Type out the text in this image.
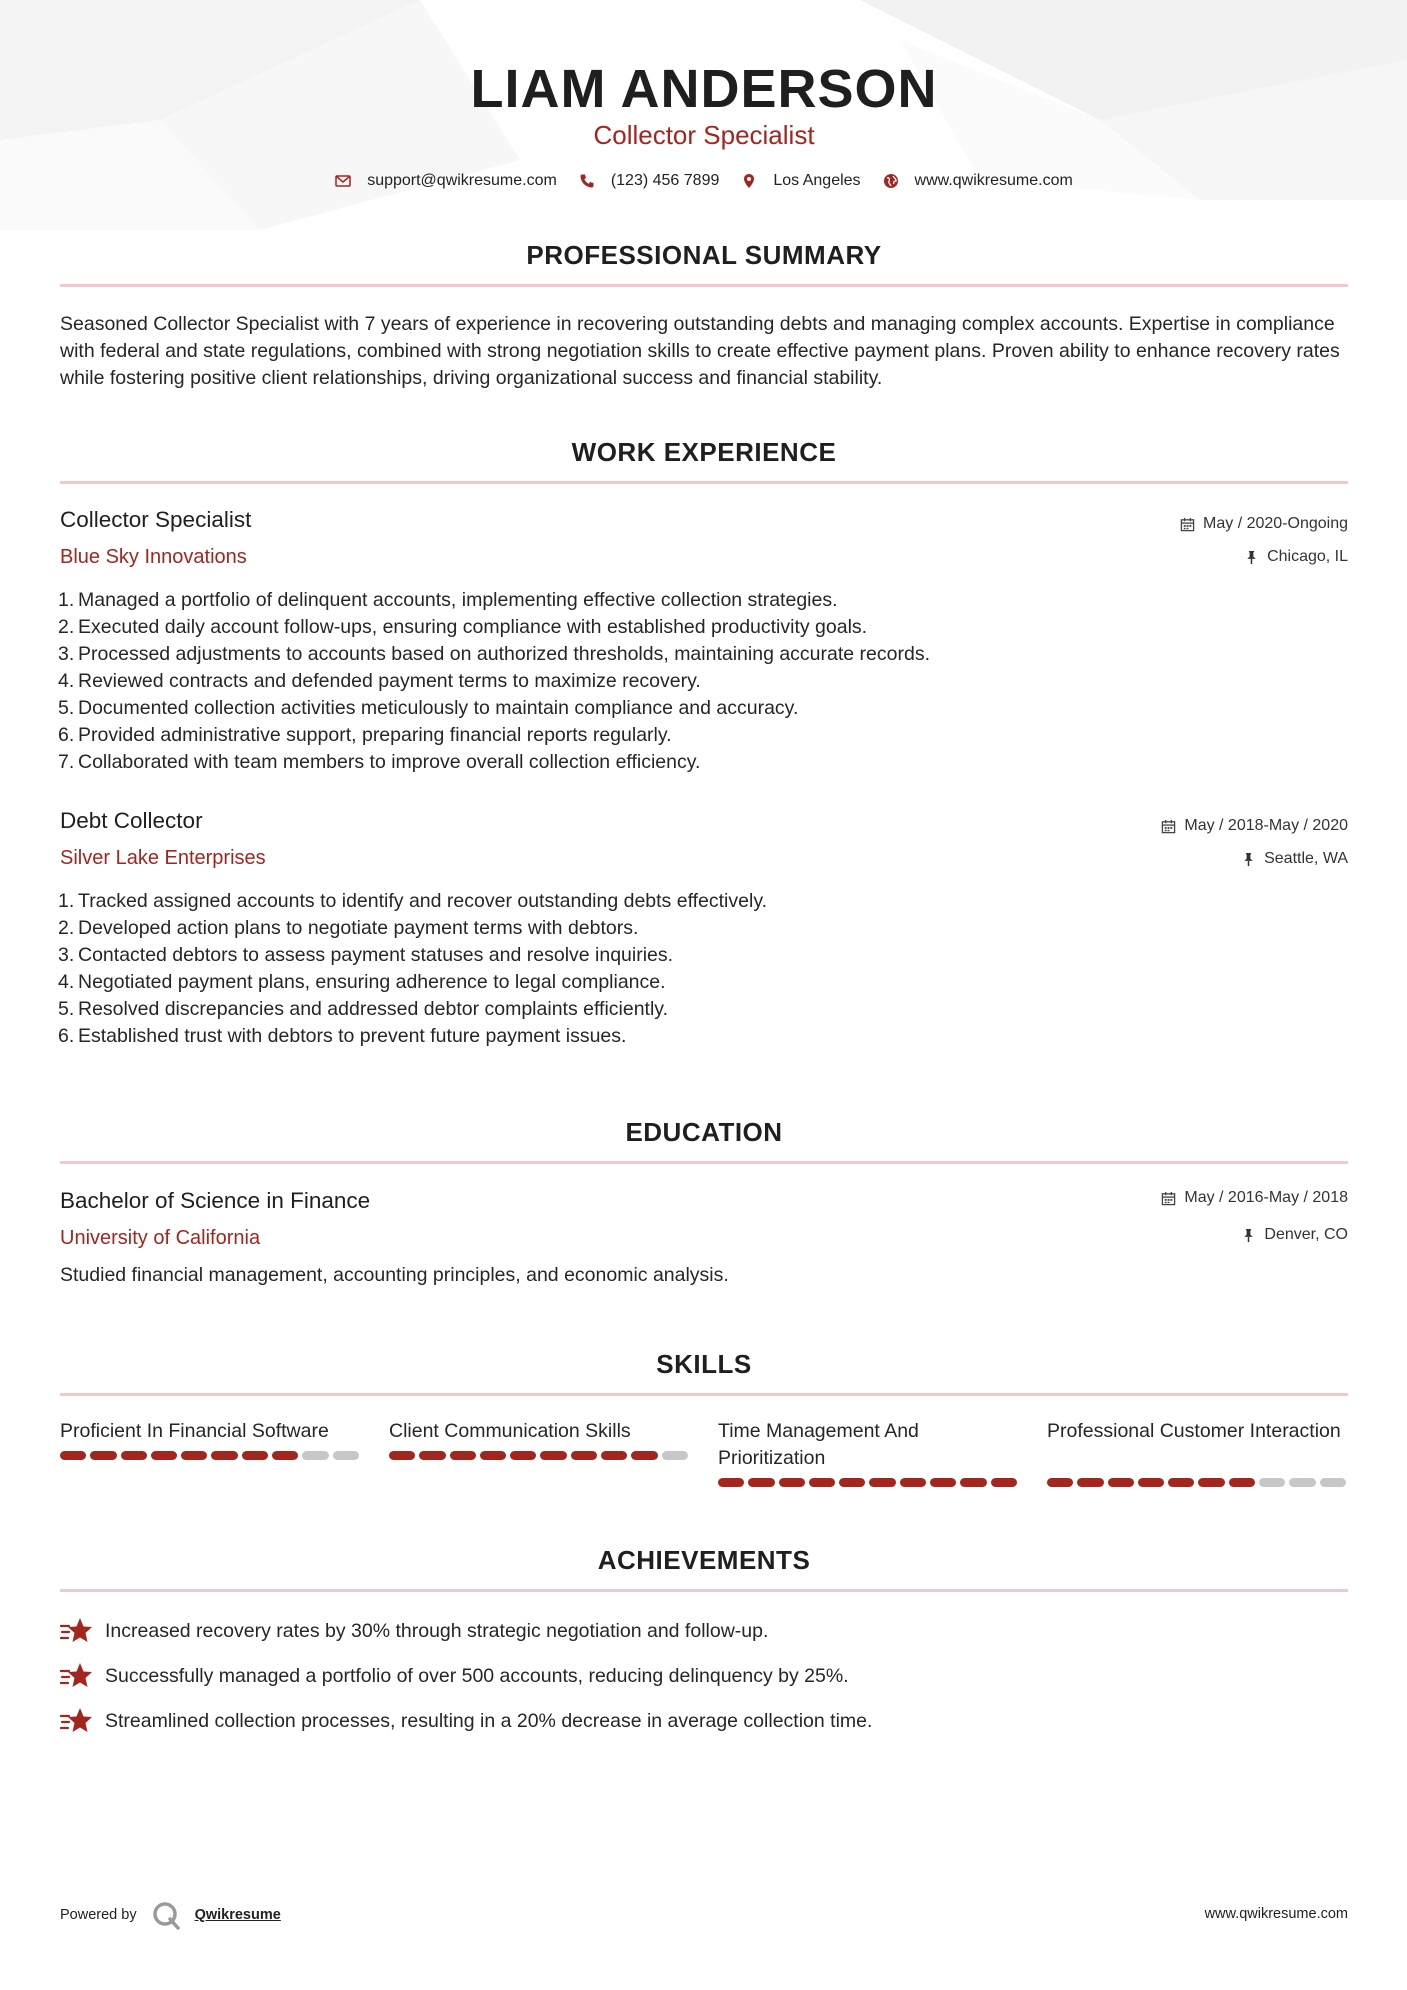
LIAM ANDERSON
Collector Specialist
support@qwikresume.com	(123) 456 7899	Los Angeles	www.qwikresume.com
PROFESSIONAL SUMMARY
Seasoned Collector Specialist with 7 years of experience in recovering outstanding debts and managing complex accounts. Expertise in compliance with federal and state regulations, combined with strong negotiation skills to create effective payment plans. Proven ability to enhance recovery rates while fostering positive client relationships, driving organizational success and financial stability.
WORK EXPERIENCE
Collector Specialist
Blue Sky Innovations
May / 2020-Ongoing
Chicago, IL
1. Managed a portfolio of delinquent accounts, implementing effective collection strategies.
2. Executed daily account follow-ups, ensuring compliance with established productivity goals.
3. Processed adjustments to accounts based on authorized thresholds, maintaining accurate records.
4. Reviewed contracts and defended payment terms to maximize recovery.
5. Documented collection activities meticulously to maintain compliance and accuracy.
6. Provided administrative support, preparing financial reports regularly.
7. Collaborated with team members to improve overall collection efficiency.
Debt Collector
Silver Lake Enterprises
May / 2018-May / 2020
Seattle, WA
1. Tracked assigned accounts to identify and recover outstanding debts effectively.
2. Developed action plans to negotiate payment terms with debtors.
3. Contacted debtors to assess payment statuses and resolve inquiries.
4. Negotiated payment plans, ensuring adherence to legal compliance.
5. Resolved discrepancies and addressed debtor complaints efficiently.
6. Established trust with debtors to prevent future payment issues.
EDUCATION
Bachelor of Science in Finance
University of California
May / 2016-May / 2018
Denver, CO
Studied financial management, accounting principles, and economic analysis.
SKILLS
Proficient In Financial Software	Client Communication Skills	Time Management And Prioritization
Professional Customer Interaction
ACHIEVEMENTS
Increased recovery rates by 30% through strategic negotiation and follow-up.
Successfully managed a portfolio of over 500 accounts, reducing delinquency by 25%.
Streamlined collection processes, resulting in a 20% decrease in average collection time.
Powered by	Qwikresume	www.qwikresume.com
